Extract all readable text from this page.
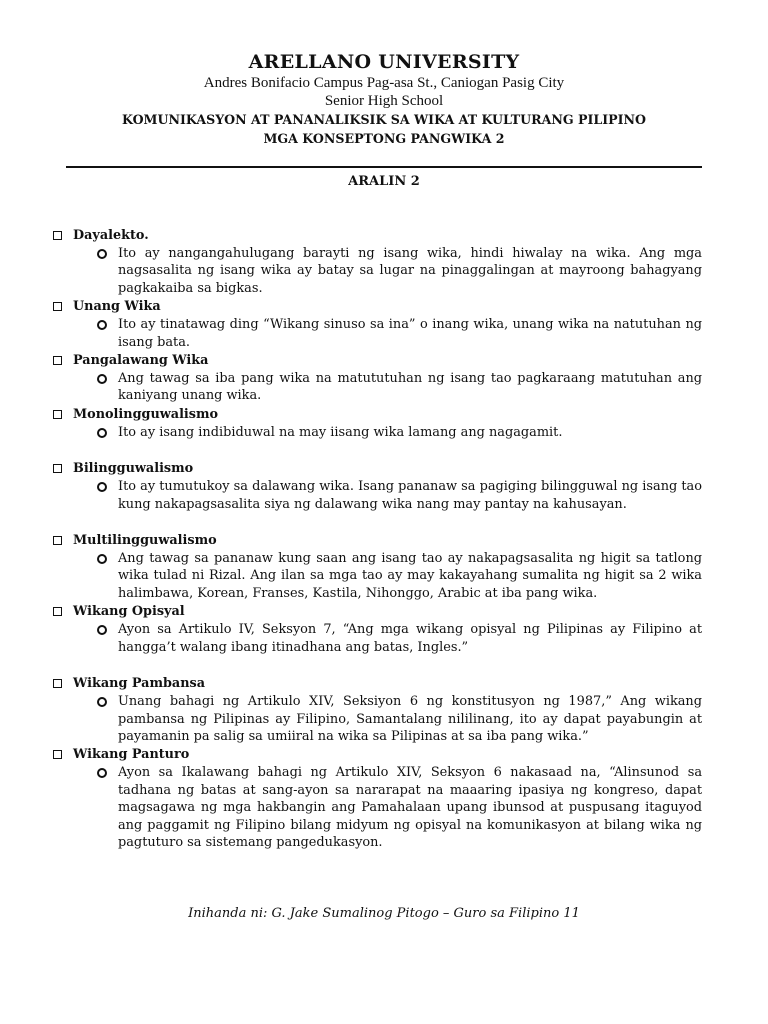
ARELLANO UNIVERSITY
Andres Bonifacio Campus Pag-asa St., Caniogan Pasig City
Senior High School
KOMUNIKASYON AT PANANALIKSIK SA WIKA AT KULTURANG PILIPINO
MGA KONSEPTONG PANGWIKA 2
ARALIN 2
Dayalekto.
Ito ay nangangahulugang barayti ng isang wika, hindi hiwalay na wika. Ang mga nagsasalita ng isang wika ay batay sa lugar na pinaggalingan at mayroong bahagyang pagkakaiba sa bigkas.
Unang Wika
Ito ay tinatawag ding “Wikang sinuso sa ina” o inang wika, unang wika na natutuhan ng isang bata.
Pangalawang Wika
Ang tawag sa iba pang wika na matututuhan ng isang tao pagkaraang matutuhan ang kaniyang unang wika.
Monolingguwalismo
Ito ay isang indibiduwal na may iisang wika lamang ang nagagamit.
Bilingguwalismo
Ito ay tumutukoy sa dalawang wika. Isang pananaw sa pagiging bilingguwal ng isang tao kung nakapagsasalita siya ng dalawang wika nang may pantay na kahusayan.
Multilingguwalismo
Ang tawag sa pananaw kung saan ang isang tao ay nakapagsasalita ng higit sa tatlong wika tulad ni Rizal. Ang ilan sa mga tao ay may kakayahang sumalita ng higit sa 2 wika halimbawa, Korean, Franses, Kastila, Nihonggo, Arabic at iba pang wika.
Wikang Opisyal
Ayon sa Artikulo IV, Seksyon 7, “Ang mga wikang opisyal ng Pilipinas ay Filipino at hangga’t walang ibang itinadhana ang batas, Ingles.”
Wikang Pambansa
Unang bahagi ng Artikulo XIV, Seksiyon 6 ng konstitusyon ng 1987,” Ang wikang pambansa ng Pilipinas ay Filipino, Samantalang nililinang, ito ay dapat payabungin at payamanin pa salig sa umiiral na wika sa Pilipinas at sa iba pang wika.”
Wikang Panturo
Ayon sa Ikalawang bahagi ng Artikulo XIV, Seksyon 6 nakasaad na, “Alinsunod sa tadhana ng batas at sang-ayon sa nararapat na maaaring ipasiya ng kongreso, dapat magsagawa ng mga hakbangin ang Pamahalaan upang ibunsod at puspusang itaguyod ang paggamit ng Filipino bilang midyum ng opisyal na komunikasyon at bilang wika ng pagtuturo sa sistemang pangedukasyon.
Inihanda ni: G. Jake Sumalinog Pitogo – Guro sa Filipino 11
